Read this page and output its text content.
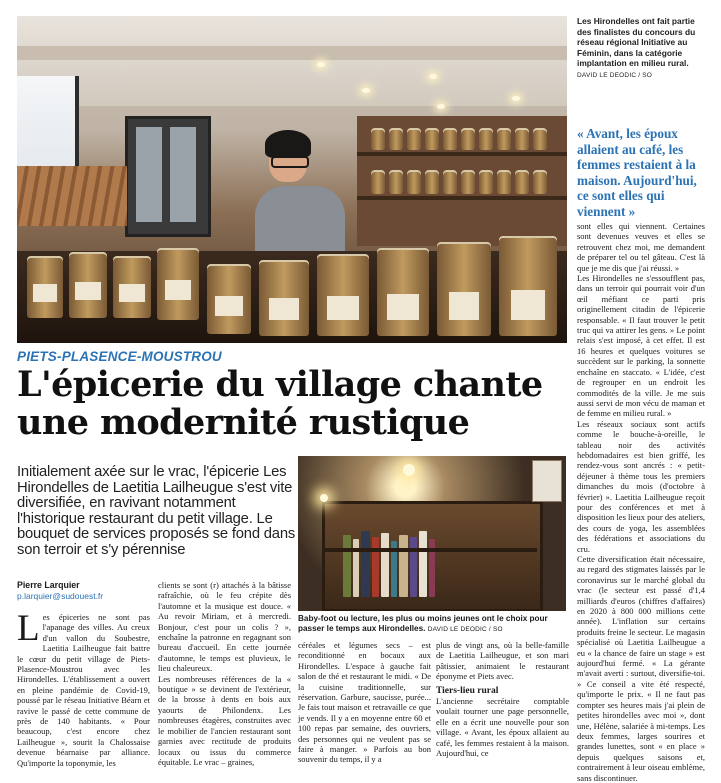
Les Hirondelles ont fait partie des finalistes du concours du réseau régional Initiative au Féminin, dans la catégorie implantation en milieu rural. DAVID LE DEODIC / SO
« Avant, les époux allaient au café, les femmes restaient à la maison. Aujourd'hui, ce sont elles qui viennent »
PIETS-PLASENCE-MOUSTROU
L'épicerie du village chante
une modernité rustique
Initialement axée sur le vrac, l'épicerie Les Hirondelles de Laetitia Lailheugue s'est vite diversifiée, en ravivant notamment l'historique restaurant du petit village. Le bouquet de services proposés se fond dans son terroir et s'y pérennise
Pierre Larquier
p.larquier@sudouest.fr

Les épiceries ne sont pas l'apanage des villes. Au creux d'un vallon du Soubestre, Laetitia Lailheugue fait battre le cœur du petit village de Piets-Plasence-Moustrou avec les Hirondelles. L'établissement a ouvert en pleine pandémie de Covid-19, poussé par le réseau Initiative Béarn et ravive le passé de cette commune de près de 140 habitants. « Pour beaucoup, c'est encore chez Lailheugue », sourit la Chalossaise devenue béarnaise par alliance. Qu'importe la toponymie, les

clients se sont (r) attachés à la bâtisse rafraîchie, où le feu crépite dès l'automne et la musique est douce. « Au revoir Miriam, et à mercredi. Bonjour, c'est pour un colis ? », enchaîne la patronne en regagnant son bureau d'accueil. En cette journée d'automne, le temps est pluvieux, le lieu chaleureux.

Les nombreuses références de la « boutique » se devinent de l'extérieur, de la brosse à dents en bois aux yaourts de Philondenx. Les nombreuses étagères, construites avec le mobilier de l'ancien restaurant sont garnies avec rectitude de produits locaux ou issus du commerce équitable. Le vrac – graines,

Baby-foot ou lecture, les plus ou moins jeunes ont le choix pour passer le temps aux Hirondelles. DAVID LE DEODIC / SO

céréales et légumes secs – est reconditionné en bocaux aux Hirondelles. L'espace à gauche fait salon de thé et restaurant le midi. « De la cuisine traditionnelle, sur réservation. Garbure, saucisse, purée... Je fais tout maison et retravaille ce que je vends. Il y a en moyenne entre 60 et 100 repas par semaine, des ouvriers, des personnes qui ne veulent pas se faire à manger. » Parfois au bon souvenir du temps, il y a

plus de vingt ans, où la belle-famille de Laetitia Lailheugue, et son mari pâtissier, animaient le restaurant éponyme et Piets avec.

Tiers-lieu rural

L'ancienne secrétaire comptable voulait tourner une page personnelle, elle en a écrit une nouvelle pour son village. « Avant, les époux allaient au café, les femmes restaient à la maison. Aujourd'hui, ce

sont elles qui viennent. Certaines sont devenues veuves et elles se retrouvent chez moi, me demandent de préparer tel ou tel gâteau. C'est là que je me dis que j'ai réussi. »

Les Hirondelles ne s'essoufflent pas, dans un terroir qui pourrait voir d'un œil méfiant ce parti pris originellement citadin de l'épicerie responsable. « Il faut trouver le petit truc qui va attirer les gens. » Le point relais s'est imposé, à cet effet. Il est 16 heures et quelques voitures se succèdent sur le parking, la sonnette enchaîne en staccato. « L'idée, c'est de regrouper en un endroit les commodités de la ville. Je me suis aussi servi de mon vécu de maman et de femme en milieu rural. »

Les réseaux sociaux sont actifs comme le bouche-à-oreille, le tableau noir des activités hebdomadaires est bien griffé, les rendez-vous sont ancrés : « petit-déjeuner à thème tous les premiers dimanches du mois (d'octobre à février) ». Laetitia Lailheugue reçoit pour des conférences et met à disposition les lieux pour des ateliers, des cours de yoga, les assemblées des fédérations et associations du cru.

Cette diversification était nécessaire, au regard des stigmates laissés par le coronavirus sur le marché global du vrac (le secteur est passé d'1,4 milliards d'euros (chiffres d'affaires) en 2020 à 800 000 millions cette année). L'inflation sur certains produits freine le secteur. Le magasin spécialisé où Laetitia Lailheugue a eu « la chance de faire un stage » est aujourd'hui fermé. « La gérante m'avait averti : surtout, diversifie-toi. » Ce conseil a vite été respecté, qu'importe le prix. « Il ne faut pas compter ses heures mais j'ai plein de petites hirondelles avec moi », dont une, Hélène, salariée à mi-temps. Les deux femmes, larges sourires et grandes lunettes, sont « en place » depuis quelques saisons et, contrairement à leur oiseau emblème, sans discontinuer.
